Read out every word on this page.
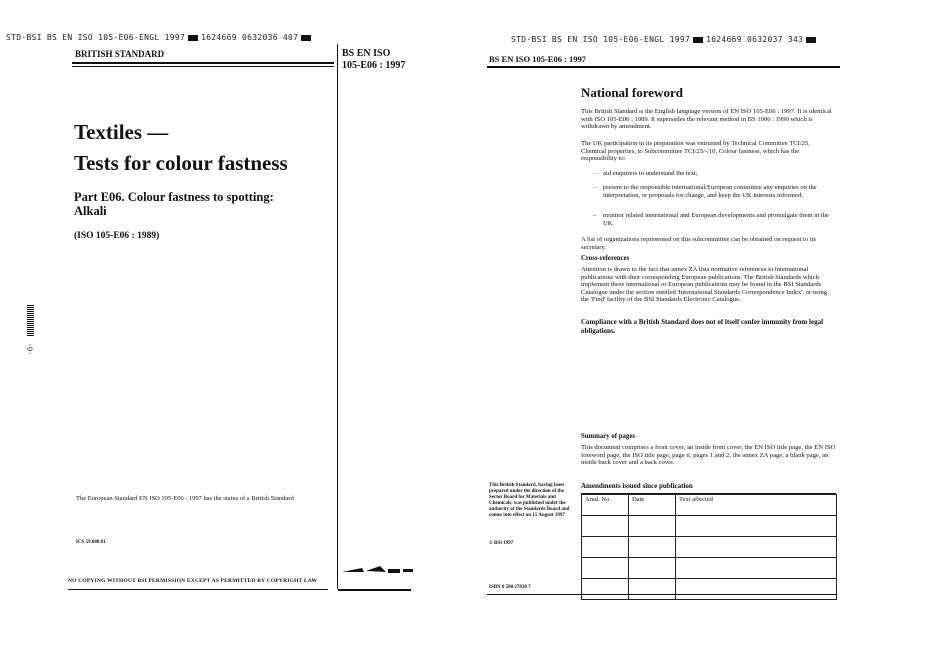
STD·BSI BS EN ISO 105-E06-ENGL 1997 1624669 0632036 407
BRITISH STANDARD	BS EN ISO
105-E06 : 1997
Textiles —
Tests for colour fastness
Part E06. Colour fastness to spotting:
Alkali
(ISO 105-E06 : 1989)
·G·
The European Standard EN ISO 105-E06 : 1997 has the status of a British Standard
ICS 59.080.01
NO COPYING WITHOUT BSI PERMISSION EXCEPT AS PERMITTED BY COPYRIGHT LAW
STD·BSI BS EN ISO 105-E06-ENGL 1997 1624669 0632037 343
BS EN ISO 105-E06 : 1997
National foreword
This British Standard is the English language version of EN ISO 105-E06 : 1997. It is identical with ISO 105-E06 : 1989. It supersedes the relevant method in BS 1006 : 1990 which is withdrawn by amendment.
The UK participation in its preparation was entrusted by Technical Committee TCI/25, Chemical properties, to Subcommittee TCI/25/-/10, Colour fastness, which has the responsibility to:
– aid enquirers to understand the text;
– present to the responsible international/European committee any enquiries on the interpretation, or proposals for change, and keep the UK interests informed;
– monitor related international and European developments and promulgate them in the UK.
A list of organizations represented on this subcommittee can be obtained on request to its secretary.
Cross-references
Attention is drawn to the fact that annex ZA lists normative references to international publications with their corresponding European publications. The British Standards which implement these international or European publications may be found in the BSI Standards Catalogue under the section entitled 'International Standards Correspondence Index', or using the 'Find' facility of the BSI Standards Electronic Catalogue.
Compliance with a British Standard does not of itself confer immunity from legal obligations.
Summary of pages
This document comprises a front cover, an inside front cover, the EN ISO title page, the EN ISO foreword page, the ISO title page, page ii, pages 1 and 2, the annex ZA page, a blank page, an inside back cover and a back cover.
This British Standard, having been prepared under the direction of the Sector Board for Materials and Chemicals, was published under the authority of the Standards Board and comes into effect on 15 August 1997
© BSI 1997
ISBN 0 580 27838 7
Amendments issued since publication
Amd. No.	Date	Text affected
